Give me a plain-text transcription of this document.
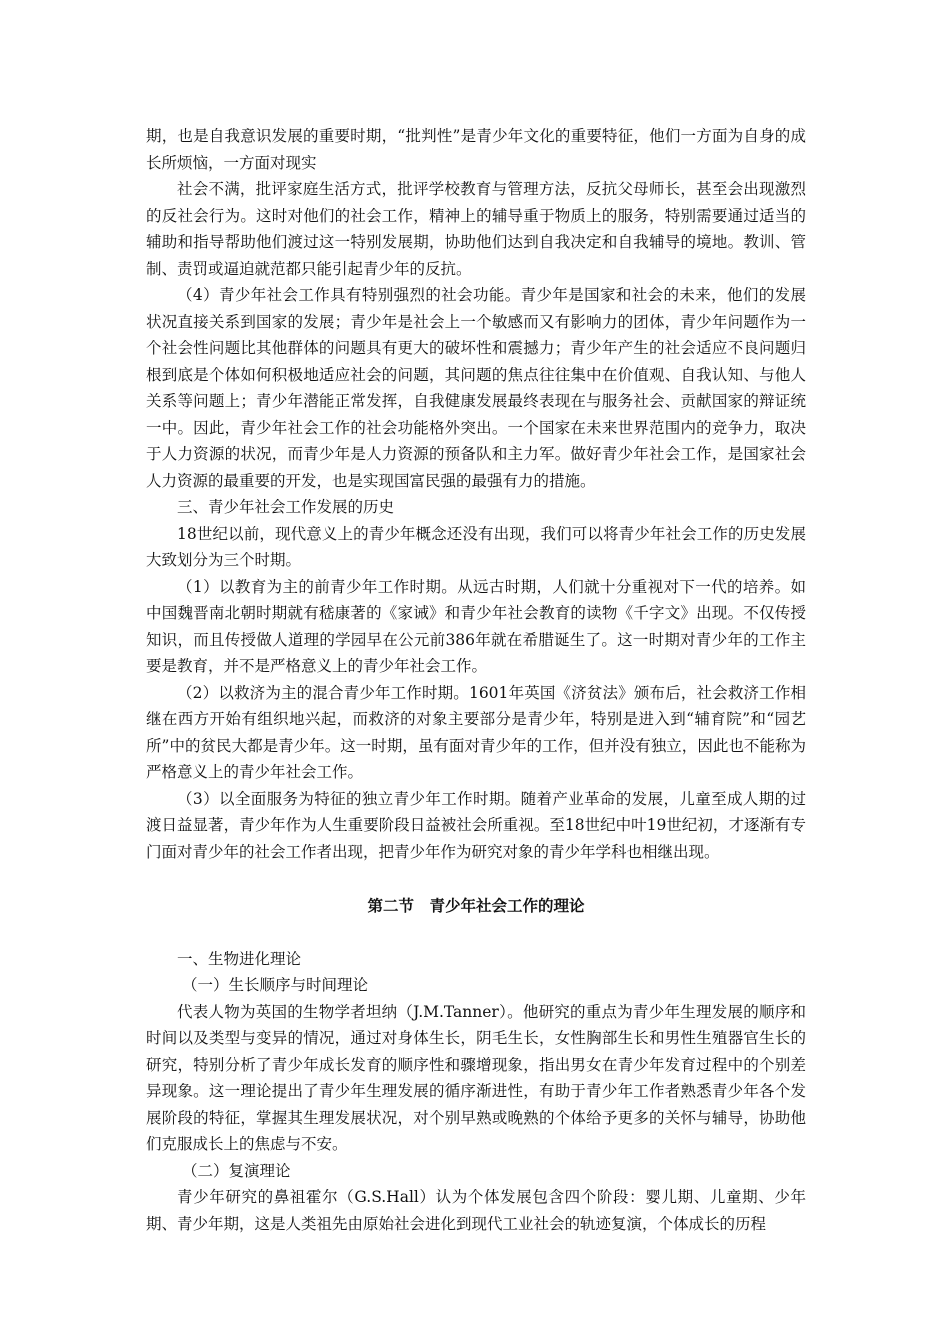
期，也是自我意识发展的重要时期，“批判性”是青少年文化的重要特征，他们一方面为自身的成长所烦恼，一方面对现实

社会不满，批评家庭生活方式，批评学校教育与管理方法，反抗父母师长，甚至会出现激烈的反社会行为。这时对他们的社会工作，精神上的辅导重于物质上的服务，特别需要通过适当的辅助和指导帮助他们渡过这一特别发展期，协助他们达到自我决定和自我辅导的境地。教训、管制、责罚或逼迫就范都只能引起青少年的反抗。

（4）青少年社会工作具有特别强烈的社会功能。青少年是国家和社会的未来，他们的发展状况直接关系到国家的发展；青少年是社会上一个敏感而又有影响力的团体，青少年问题作为一个社会性问题比其他群体的问题具有更大的破坏性和震撼力；青少年产生的社会适应不良问题归根到底是个体如何积极地适应社会的问题，其问题的焦点往往集中在价值观、自我认知、与他人关系等问题上；青少年潜能正常发挥，自我健康发展最终表现在与服务社会、贡献国家的辩证统一中。因此，青少年社会工作的社会功能格外突出。一个国家在未来世界范围内的竞争力，取决于人力资源的状况，而青少年是人力资源的预备队和主力军。做好青少年社会工作，是国家社会人力资源的最重要的开发，也是实现国富民强的最强有力的措施。

三、青少年社会工作发展的历史

18世纪以前，现代意义上的青少年概念还没有出现，我们可以将青少年社会工作的历史发展大致划分为三个时期。

（1）以教育为主的前青少年工作时期。从远古时期，人们就十分重视对下一代的培养。如中国魏晋南北朝时期就有嵇康著的《家诫》和青少年社会教育的读物《千字文》出现。不仅传授知识，而且传授做人道理的学园早在公元前386年就在希腊诞生了。这一时期对青少年的工作主要是教育，并不是严格意义上的青少年社会工作。

（2）以救济为主的混合青少年工作时期。1601年英国《济贫法》颁布后，社会救济工作相继在西方开始有组织地兴起，而救济的对象主要部分是青少年，特别是进入到“辅育院”和“园艺所”中的贫民大都是青少年。这一时期，虽有面对青少年的工作，但并没有独立，因此也不能称为严格意义上的青少年社会工作。

（3）以全面服务为特征的独立青少年工作时期。随着产业革命的发展，儿童至成人期的过渡日益显著，青少年作为人生重要阶段日益被社会所重视。至18世纪中叶19世纪初，才逐渐有专门面对青少年的社会工作者出现，把青少年作为研究对象的青少年学科也相继出现。

第二节　青少年社会工作的理论

一、生物进化理论

（一）生长顺序与时间理论

代表人物为英国的生物学者坦纳（J.M.Tanner）。他研究的重点为青少年生理发展的顺序和时间以及类型与变异的情况，通过对身体生长，阴毛生长，女性胸部生长和男性生殖器官生长的研究，特别分析了青少年成长发育的顺序性和骤增现象，指出男女在青少年发育过程中的个别差异现象。这一理论提出了青少年生理发展的循序渐进性，有助于青少年工作者熟悉青少年各个发展阶段的特征，掌握其生理发展状况，对个别早熟或晚熟的个体给予更多的关怀与辅导，协助他们克服成长上的焦虑与不安。

（二）复演理论

青少年研究的鼻祖霍尔（G.S.Hall）认为个体发展包含四个阶段：婴儿期、儿童期、少年期、青少年期，这是人类祖先由原始社会进化到现代工业社会的轨迹复演，个体成长的历程
